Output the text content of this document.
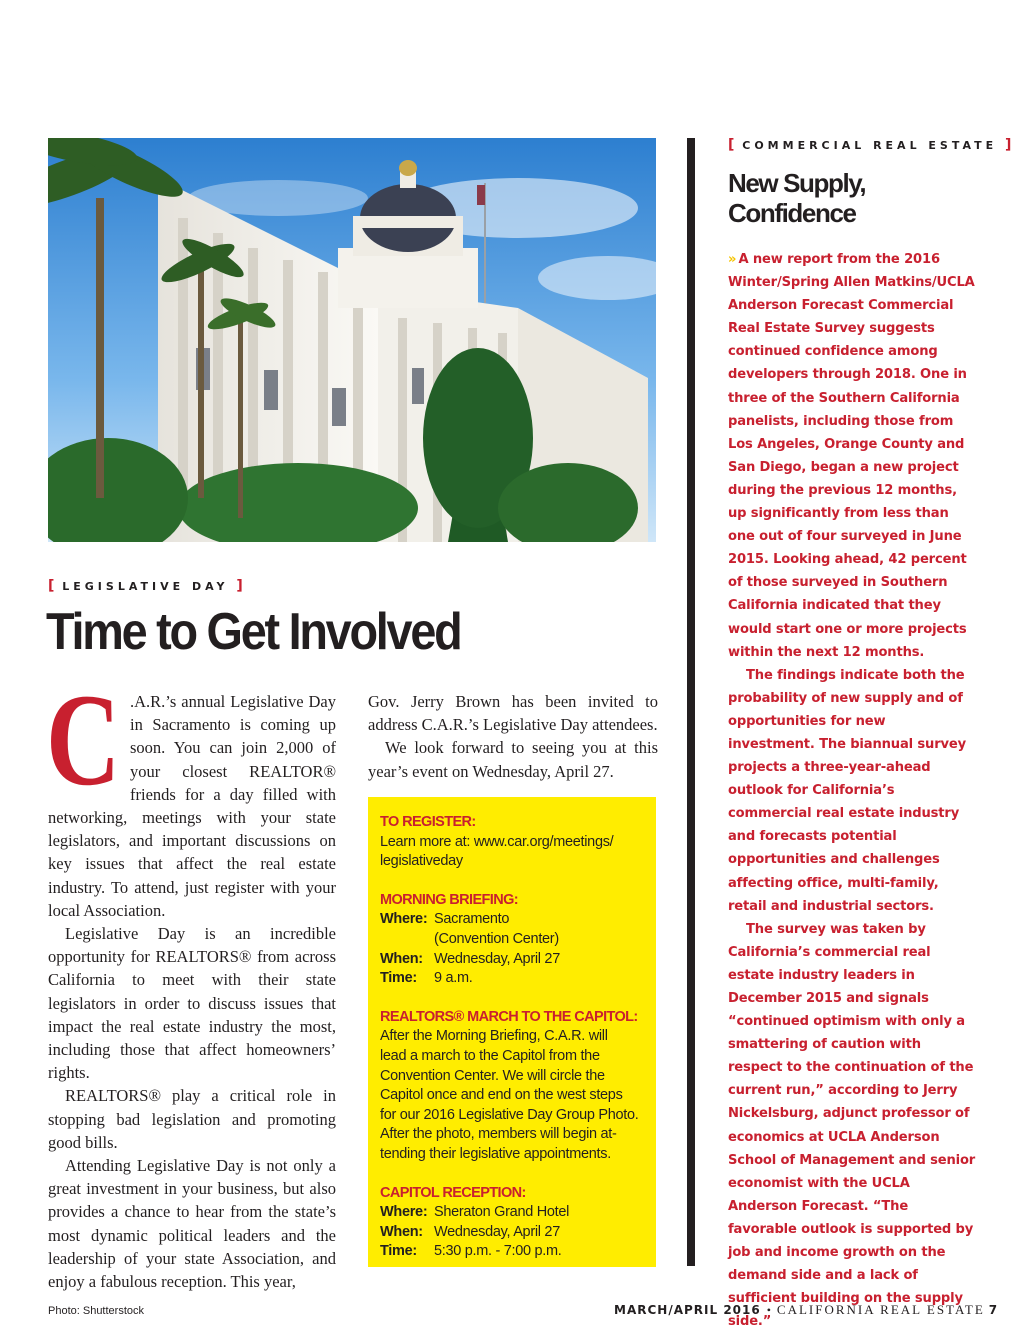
[ LEGISLATIVE DAY ]
Time to Get Involved

C .A.R.’s annual Legislative Day in Sacramento is coming up soon. You can join 2,000 of your closest REALTOR® friends for a day filled with networking, meetings with your state legislators, and important discussions on key issues that affect the real estate industry. To attend, just register with your local Association.

Legislative Day is an incredible opportunity for REALTORS® from across California to meet with their state legislators in order to discuss issues that impact the real estate industry the most, including those that affect homeowners’ rights.

REALTORS® play a critical role in stopping bad legislation and promoting good bills.

Attending Legislative Day is not only a great investment in your business, but also provides a chance to hear from the state’s most dynamic political leaders and the leadership of your state Association, and enjoy a fabulous reception. This year,

Gov. Jerry Brown has been invited to address C.A.R.’s Legislative Day attendees.

We look forward to seeing you at this year’s event on Wednesday, April 27.

TO REGISTER:
Learn more at: www.car.org/meetings/
legislativeday
MORNING BRIEFING:
Where: Sacramento
(Convention Center)
When: Wednesday, April 27
Time: 9 a.m.
REALTORS® MARCH TO THE CAPITOL:
After the Morning Briefing, C.A.R. will
lead a march to the Capitol from the
Convention Center. We will circle the
Capitol once and end on the west steps
for our 2016 Legislative Day Group Photo.
After the photo, members will begin at-
tending their legislative appointments.
CAPITOL RECEPTION:
Where: Sheraton Grand Hotel
When: Wednesday, April 27
Time: 5:30 p.m. - 7:00 p.m.
[ COMMERCIAL REAL ESTATE ]
New Supply,
Confidence

» A new report from the 2016 Winter/Spring Allen Matkins/UCLA Anderson Forecast Commercial Real Estate Survey suggests continued confidence among developers through 2018. One in three of the Southern California panelists, including those from Los Angeles, Orange County and San Diego, began a new project during the previous 12 months, up significantly from less than one out of four surveyed in June 2015. Looking ahead, 42 percent of those surveyed in Southern California indicated that they would start one or more projects within the next 12 months.

The findings indicate both the probability of new supply and of opportunities for new investment. The biannual survey projects a three-year-ahead outlook for California’s commercial real estate industry and forecasts potential opportunities and challenges affecting office, multi-family, retail and industrial sectors.

The survey was taken by California’s commercial real estate industry leaders in December 2015 and signals “continued optimism with only a smattering of caution with respect to the continuation of the current run,” according to Jerry Nickelsburg, adjunct professor of economics at UCLA Anderson School of Management and senior economist with the UCLA Anderson Forecast. “The favorable outlook is supported by job and income growth on the demand side and a lack of sufficient building on the supply side.”

Photo: Shutterstock	MARCH/APRIL 2016 • CALIFORNIA REAL ESTATE 7
